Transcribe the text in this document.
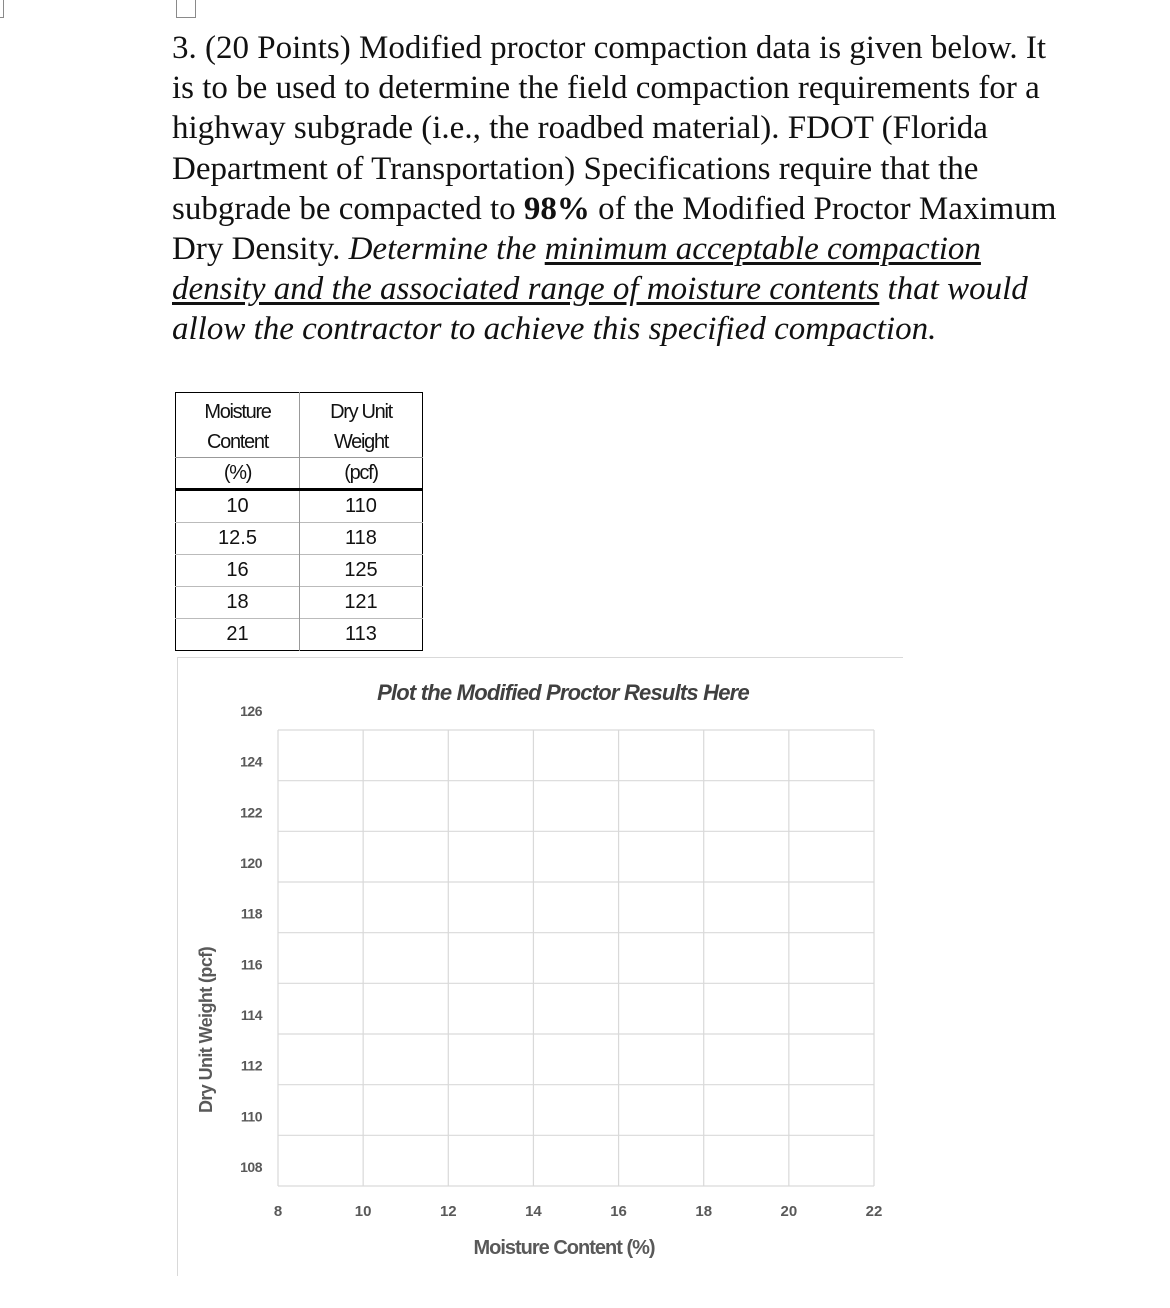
3. (20 Points) Modified proctor compaction data is given below. It is to be used to determine the field compaction requirements for a highway subgrade (i.e., the roadbed material). FDOT (Florida Department of Transportation) Specifications require that the subgrade be compacted to 98% of the Modified Proctor Maximum Dry Density. Determine the minimum acceptable compaction density and the associated range of moisture contents that would allow the contractor to achieve this specified compaction.

Moisture	Dry Unit
Content	Weight
(%)	(pcf)
10	110
12.5	118
16	125
18	121
21	113
8	10	12	14	16	18	20	22
126
124
122
120
118
116
114
112
110
108
Plot the Modified Proctor Results Here
Moisture Content (%)
Dry Unit Weight (pcf)
